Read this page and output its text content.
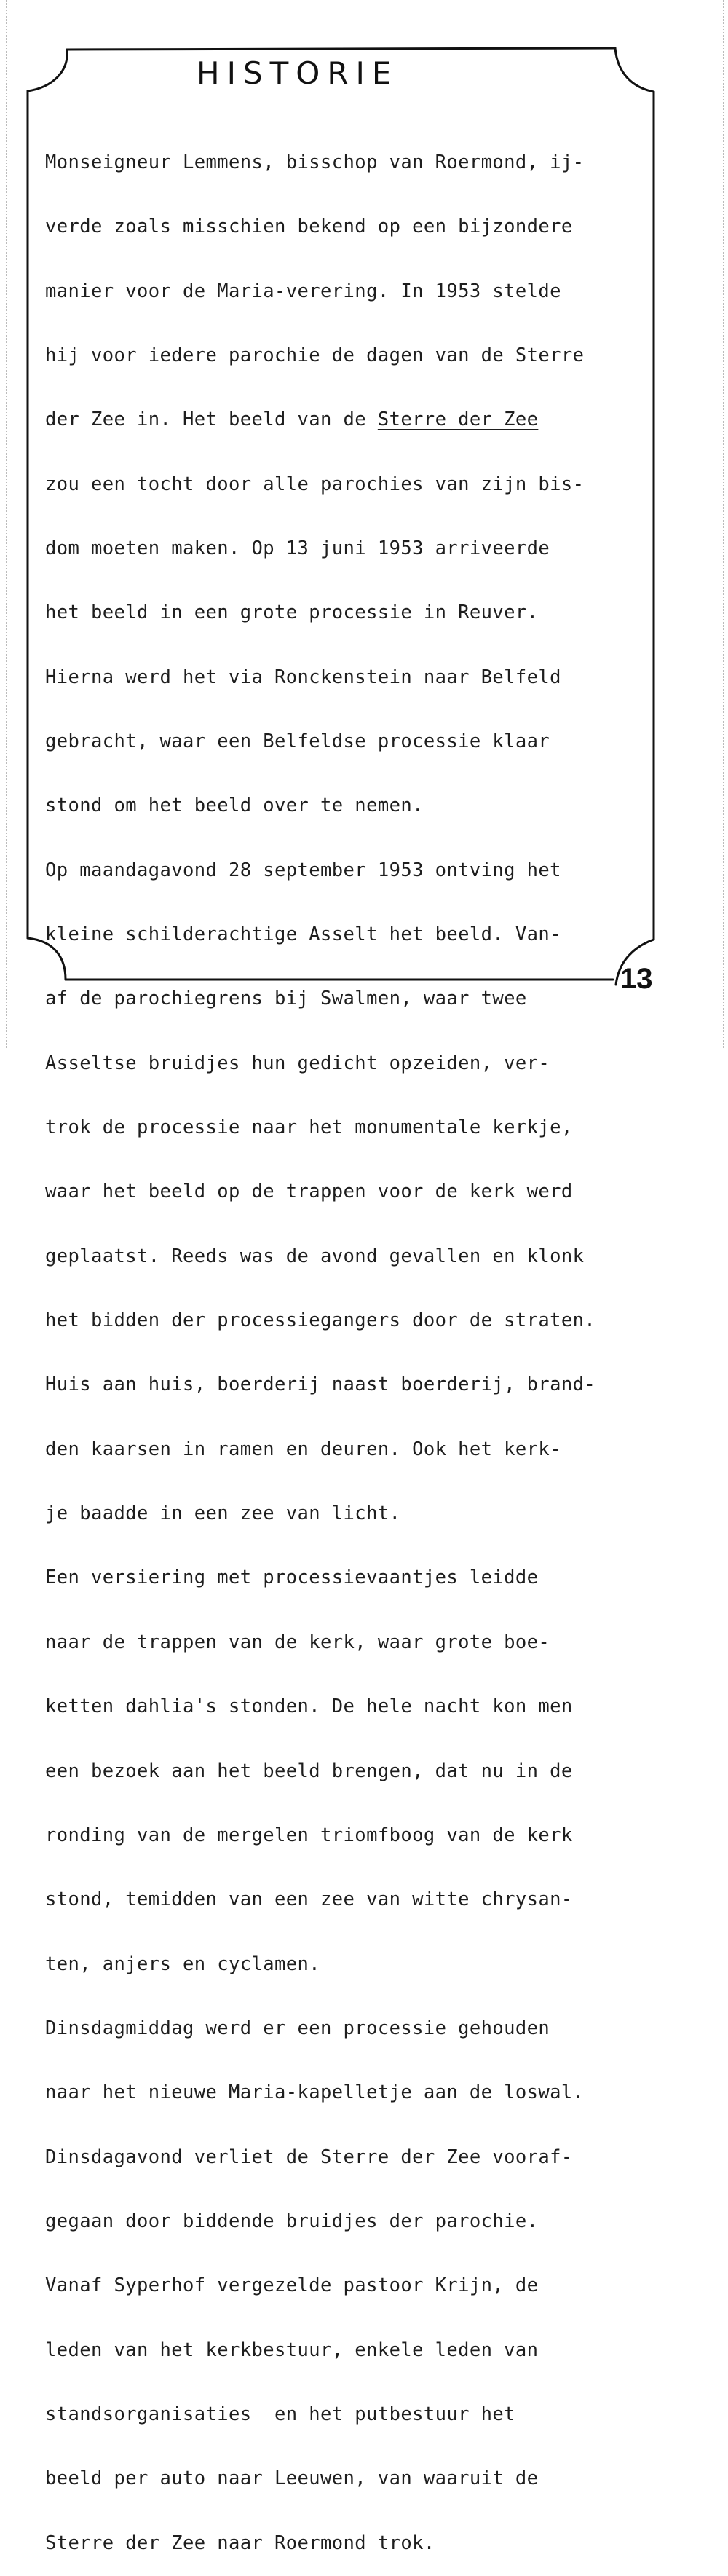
HISTORIE

Monseigneur Lemmens, bisschop van Roermond, ij-

verde zoals misschien bekend op een bijzondere

manier voor de Maria-verering. In 1953 stelde

hij voor iedere parochie de dagen van de Sterre

der Zee in. Het beeld van de Sterre der Zee

zou een tocht door alle parochies van zijn bis-

dom moeten maken. Op 13 juni 1953 arriveerde

het beeld in een grote processie in Reuver.

Hierna werd het via Ronckenstein naar Belfeld

gebracht, waar een Belfeldse processie klaar

stond om het beeld over te nemen.

Op maandagavond 28 september 1953 ontving het

kleine schilderachtige Asselt het beeld. Van-

af de parochiegrens bij Swalmen, waar twee

Asseltse bruidjes hun gedicht opzeiden, ver-

trok de processie naar het monumentale kerkje,

waar het beeld op de trappen voor de kerk werd

geplaatst. Reeds was de avond gevallen en klonk

het bidden der processiegangers door de straten.

Huis aan huis, boerderij naast boerderij, brand-

den kaarsen in ramen en deuren. Ook het kerk-

je baadde in een zee van licht.

Een versiering met processievaantjes leidde

naar de trappen van de kerk, waar grote boe-

ketten dahlia's stonden. De hele nacht kon men

een bezoek aan het beeld brengen, dat nu in de

ronding van de mergelen triomfboog van de kerk

stond, temidden van een zee van witte chrysan-

ten, anjers en cyclamen.

Dinsdagmiddag werd er een processie gehouden

naar het nieuwe Maria-kapelletje aan de loswal.

Dinsdagavond verliet de Sterre der Zee vooraf-

gegaan door biddende bruidjes der parochie.

Vanaf Syperhof vergezelde pastoor Krijn, de

leden van het kerkbestuur, enkele leden van

standsorganisaties  en het putbestuur het

beeld per auto naar Leeuwen, van waaruit de

Sterre der Zee naar Roermond trok.

13
